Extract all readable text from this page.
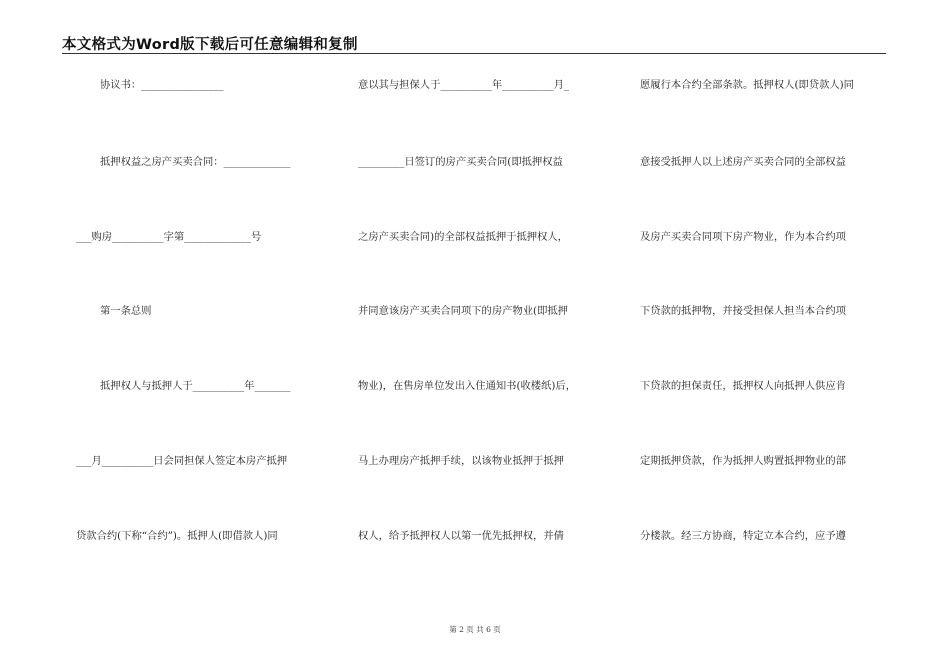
本文格式为Word版下载后可任意编辑和复制
协议书：________________
抵押权益之房产买卖合同：_____________
___购房__________字第_____________号
第一条总则
抵押权人与抵押人于__________年_______
___月__________日会同担保人签定本房产抵押
贷款合约(下称“合约”)。抵押人(即借款人)同
意以其与担保人于__________年__________月_
_________日签订的房产买卖合同(即抵押权益
之房产买卖合同)的全部权益抵押于抵押权人，
并同意该房产买卖合同项下的房产物业(即抵押
物业)，在售房单位发出入住通知书(收楼纸)后，
马上办理房产抵押手续，以该物业抵押于抵押
权人，给予抵押权人以第一优先抵押权，并倩
愿履行本合约全部条款。抵押权人(即贷款人)同
意接受抵押人以上述房产买卖合同的全部权益
及房产买卖合同项下房产物业，作为本合约项
下贷款的抵押物，并接受担保人担当本合约项
下贷款的担保责任，抵押权人向抵押人供应肯
定期抵押贷款，作为抵押人购置抵押物业的部
分楼款。经三方协商，特定立本合约，应予遵
第 2 页 共 6 页
